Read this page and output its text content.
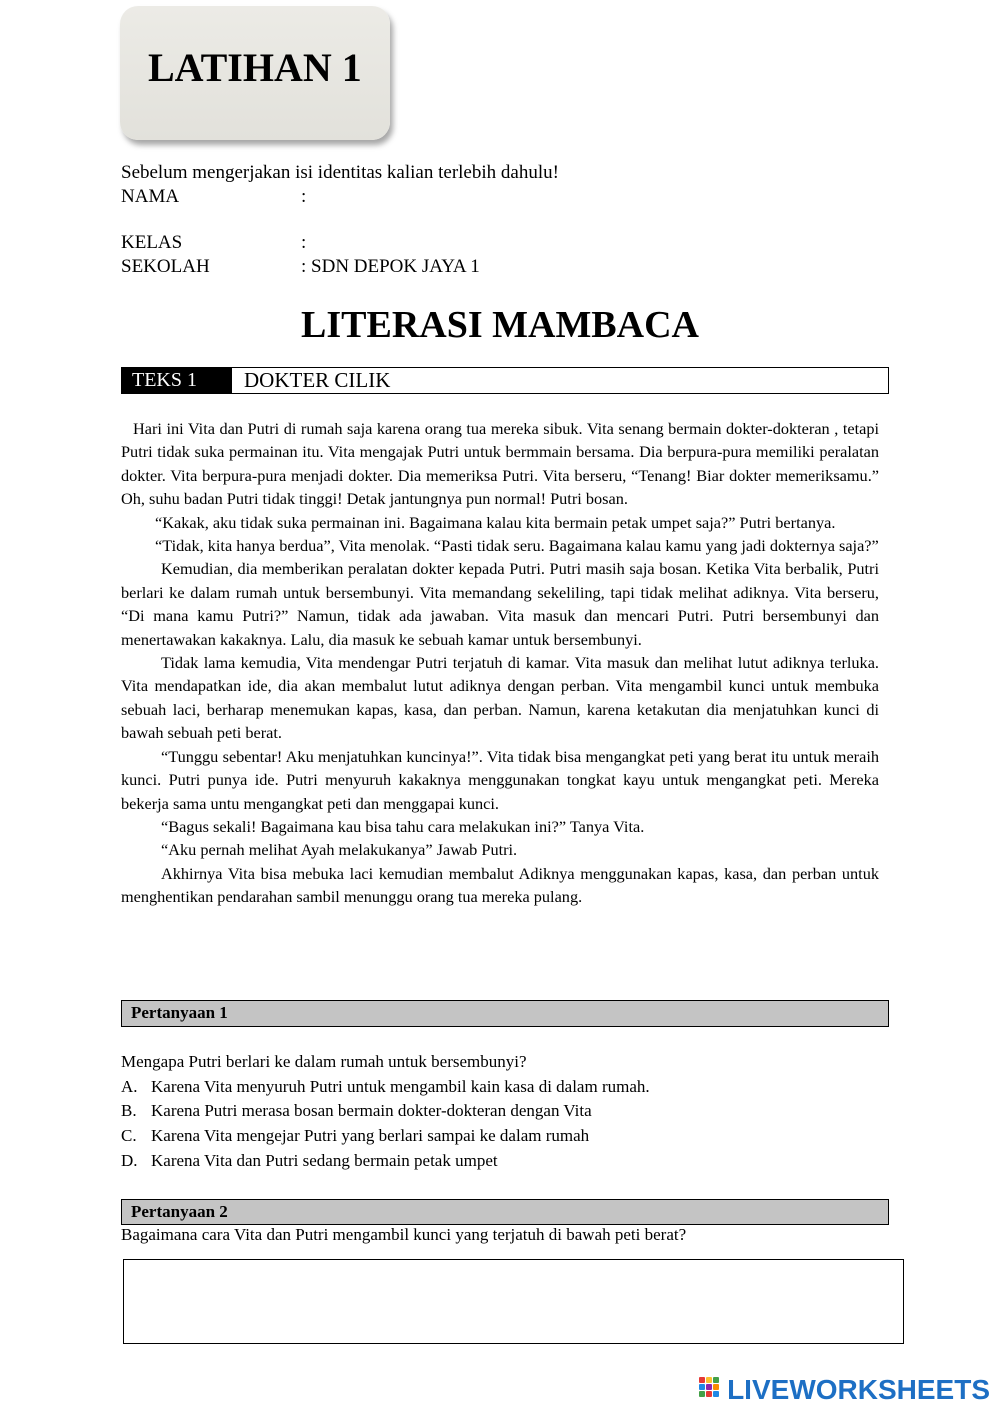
LATIHAN 1
Sebelum mengerjakan isi identitas kalian terlebih dahulu!
NAMA	:
KELAS	:
SEKOLAH	: SDN DEPOK JAYA 1
LITERASI MAMBACA
TEKS 1	DOKTER CILIK

Hari ini Vita dan Putri di rumah saja karena orang tua mereka sibuk. Vita senang bermain dokter-dokteran , tetapi Putri tidak suka permainan itu. Vita mengajak Putri untuk bermmain bersama. Dia berpura-pura memiliki peralatan dokter. Vita berpura-pura menjadi dokter. Dia memeriksa Putri. Vita berseru, “Tenang! Biar dokter memeriksamu.” Oh, suhu badan Putri tidak tinggi! Detak jantungnya pun normal! Putri bosan.

“Kakak, aku tidak suka permainan ini. Bagaimana kalau kita bermain petak umpet saja?” Putri bertanya.

“Tidak, kita hanya berdua”, Vita menolak. “Pasti tidak seru. Bagaimana kalau kamu yang jadi dokternya saja?”

Kemudian, dia memberikan peralatan dokter kepada Putri. Putri masih saja bosan. Ketika Vita berbalik, Putri berlari ke dalam rumah untuk bersembunyi. Vita memandang sekeliling, tapi tidak melihat adiknya. Vita berseru, “Di mana kamu Putri?” Namun, tidak ada jawaban. Vita masuk dan mencari Putri. Putri bersembunyi dan menertawakan kakaknya. Lalu, dia masuk ke sebuah kamar untuk bersembunyi.

Tidak lama kemudia, Vita mendengar Putri terjatuh di kamar. Vita masuk dan melihat lutut adiknya terluka. Vita mendapatkan ide, dia akan membalut lutut adiknya dengan perban. Vita mengambil kunci untuk membuka sebuah laci, berharap menemukan kapas, kasa, dan perban. Namun, karena ketakutan dia menjatuhkan kunci di bawah sebuah peti berat.

“Tunggu sebentar! Aku menjatuhkan kuncinya!”. Vita tidak bisa mengangkat peti yang berat itu untuk meraih kunci. Putri punya ide. Putri menyuruh kakaknya menggunakan tongkat kayu untuk mengangkat peti. Mereka bekerja sama untu mengangkat peti dan menggapai kunci.

“Bagus sekali! Bagaimana kau bisa tahu cara melakukan ini?” Tanya Vita.

“Aku pernah melihat Ayah melakukanya” Jawab Putri.

Akhirnya Vita bisa mebuka laci kemudian membalut Adiknya menggunakan kapas, kasa, dan perban untuk menghentikan pendarahan sambil menunggu orang tua mereka pulang.

Pertanyaan 1
Mengapa Putri berlari ke dalam rumah untuk bersembunyi?
A. Karena Vita menyuruh Putri untuk mengambil kain kasa di dalam rumah.
B. Karena Putri merasa bosan bermain dokter-dokteran dengan Vita
C. Karena Vita mengejar Putri yang berlari sampai ke dalam rumah
D. Karena Vita dan Putri sedang bermain petak umpet
Pertanyaan 2
Bagaimana cara Vita dan Putri mengambil kunci yang terjatuh di bawah peti berat?
LIVEWORKSHEETS
